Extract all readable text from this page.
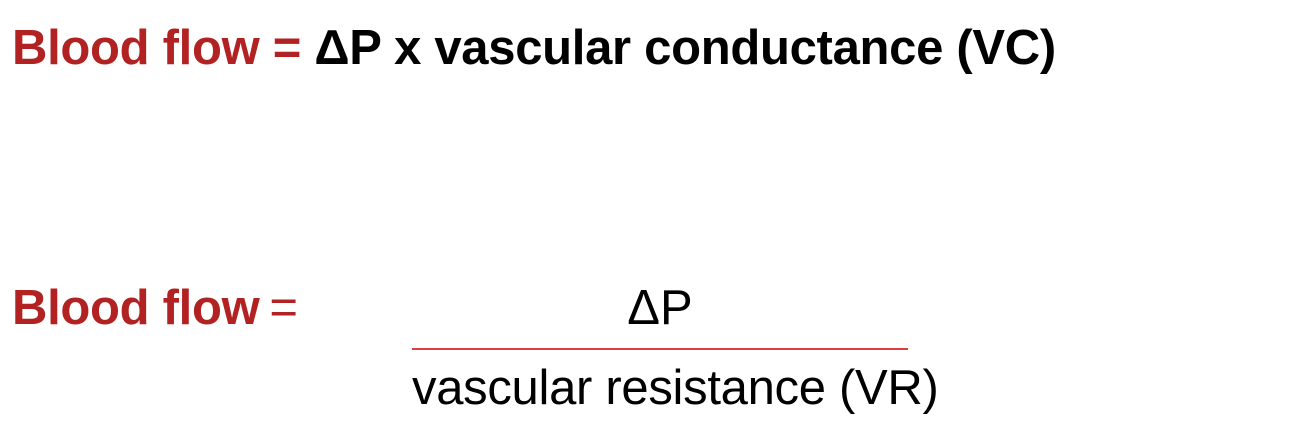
Blood flow = ΔP x vascular conductance (VC)
Blood flow =	ΔP
vascular resistance (VR)
